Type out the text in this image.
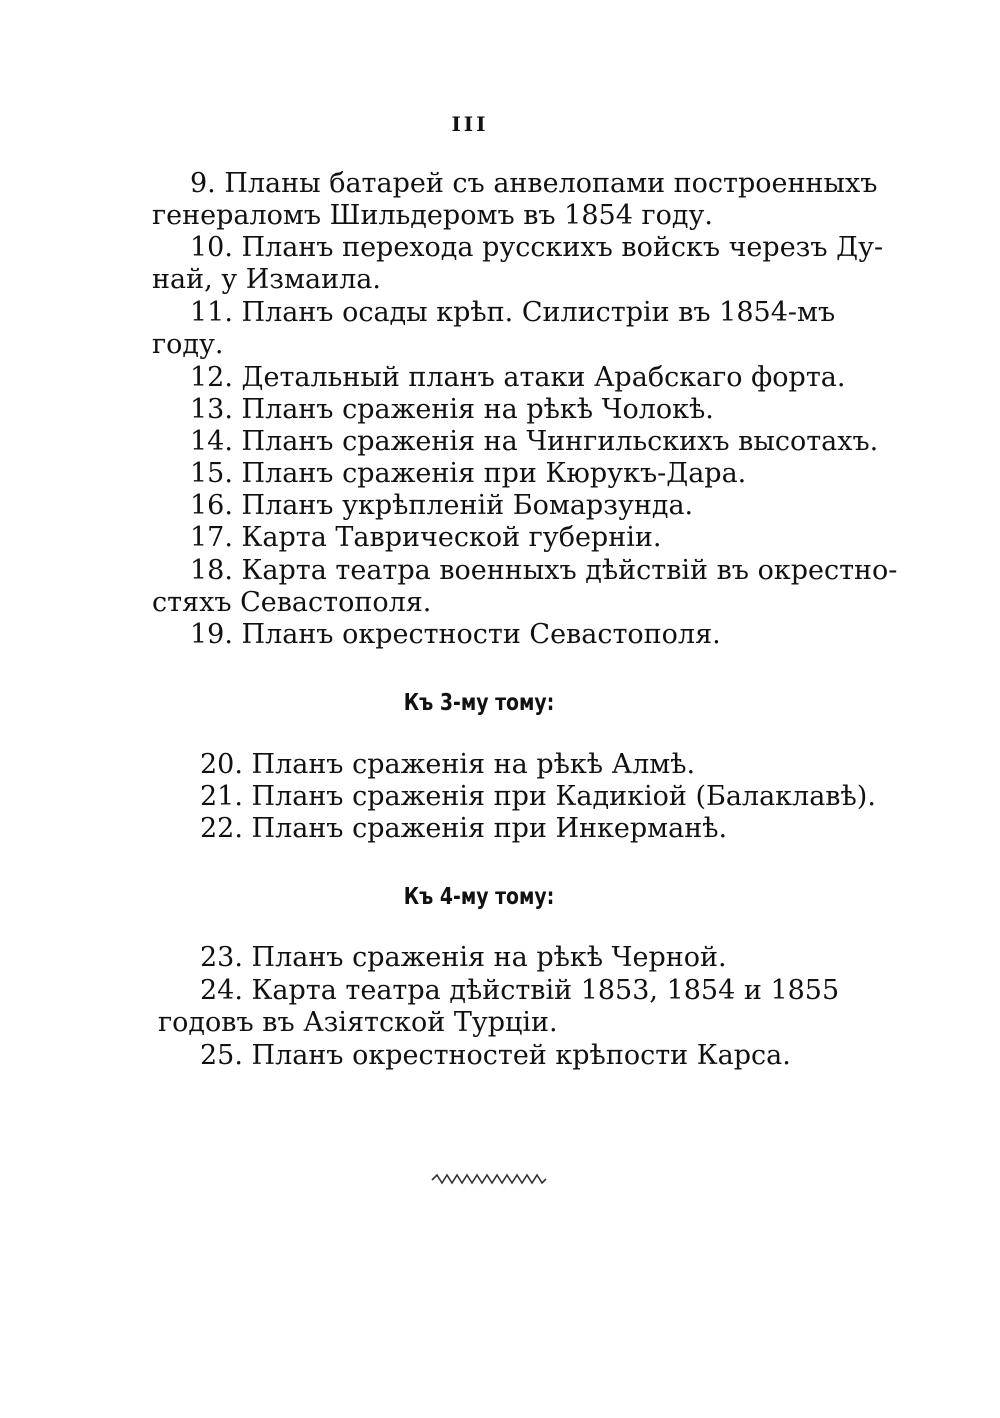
III
9. Планы батарей съ анвелопами построенныхъ
генераломъ Шильдеромъ въ 1854 году.
10. Планъ перехода русскихъ войскъ черезъ Ду-
най, у Измаила.
11. Планъ осады крѣп. Силистріи въ 1854-мъ
году.
12. Детальный планъ атаки Арабскаго форта.
13. Планъ сраженія на рѣкѣ Чолокѣ.
14. Планъ сраженія на Чингильскихъ высотахъ.
15. Планъ сраженія при Кюрукъ-Дара.
16. Планъ укрѣпленій Бомарзунда.
17. Карта Таврической губерніи.
18. Карта театра военныхъ дѣйствій въ окрестно-
стяхъ Севастополя.
19. Планъ окрестности Севастополя.
Къ 3-му тому:
20. Планъ сраженія на рѣкѣ Алмѣ.
21. Планъ сраженія при Кадикіой (Балаклавѣ).
22. Планъ сраженія при Инкерманѣ.
Къ 4-му тому:
23. Планъ сраженія на рѣкѣ Черной.
24. Карта театра дѣйствій 1853, 1854 и 1855
годовъ въ Азіятской Турціи.
25. Планъ окрестностей крѣпости Карса.
